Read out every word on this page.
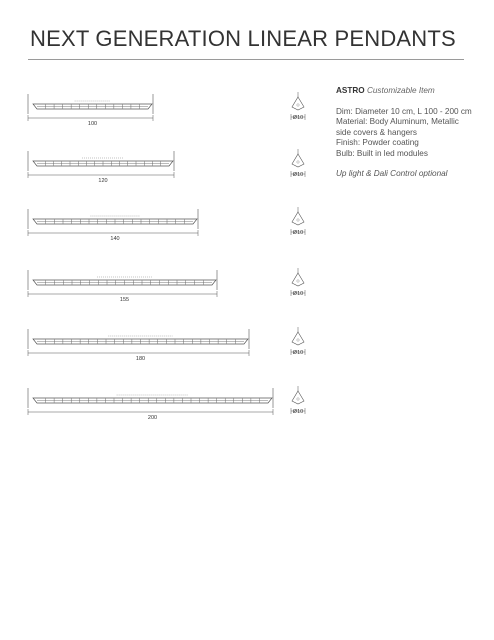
NEXT GENERATION LINEAR PENDANTS
ASTRO Customizable Item
Dim: Diameter 10 cm, L 100 - 200 cm
Material: Body Aluminum, Metallic side covers & hangers
Finish: Powder coating
Bulb: Built in led modules
Up light & Dali Control optional
100
Ø10
120
Ø10
140
Ø10
155
Ø10
180
Ø10
200
Ø10
